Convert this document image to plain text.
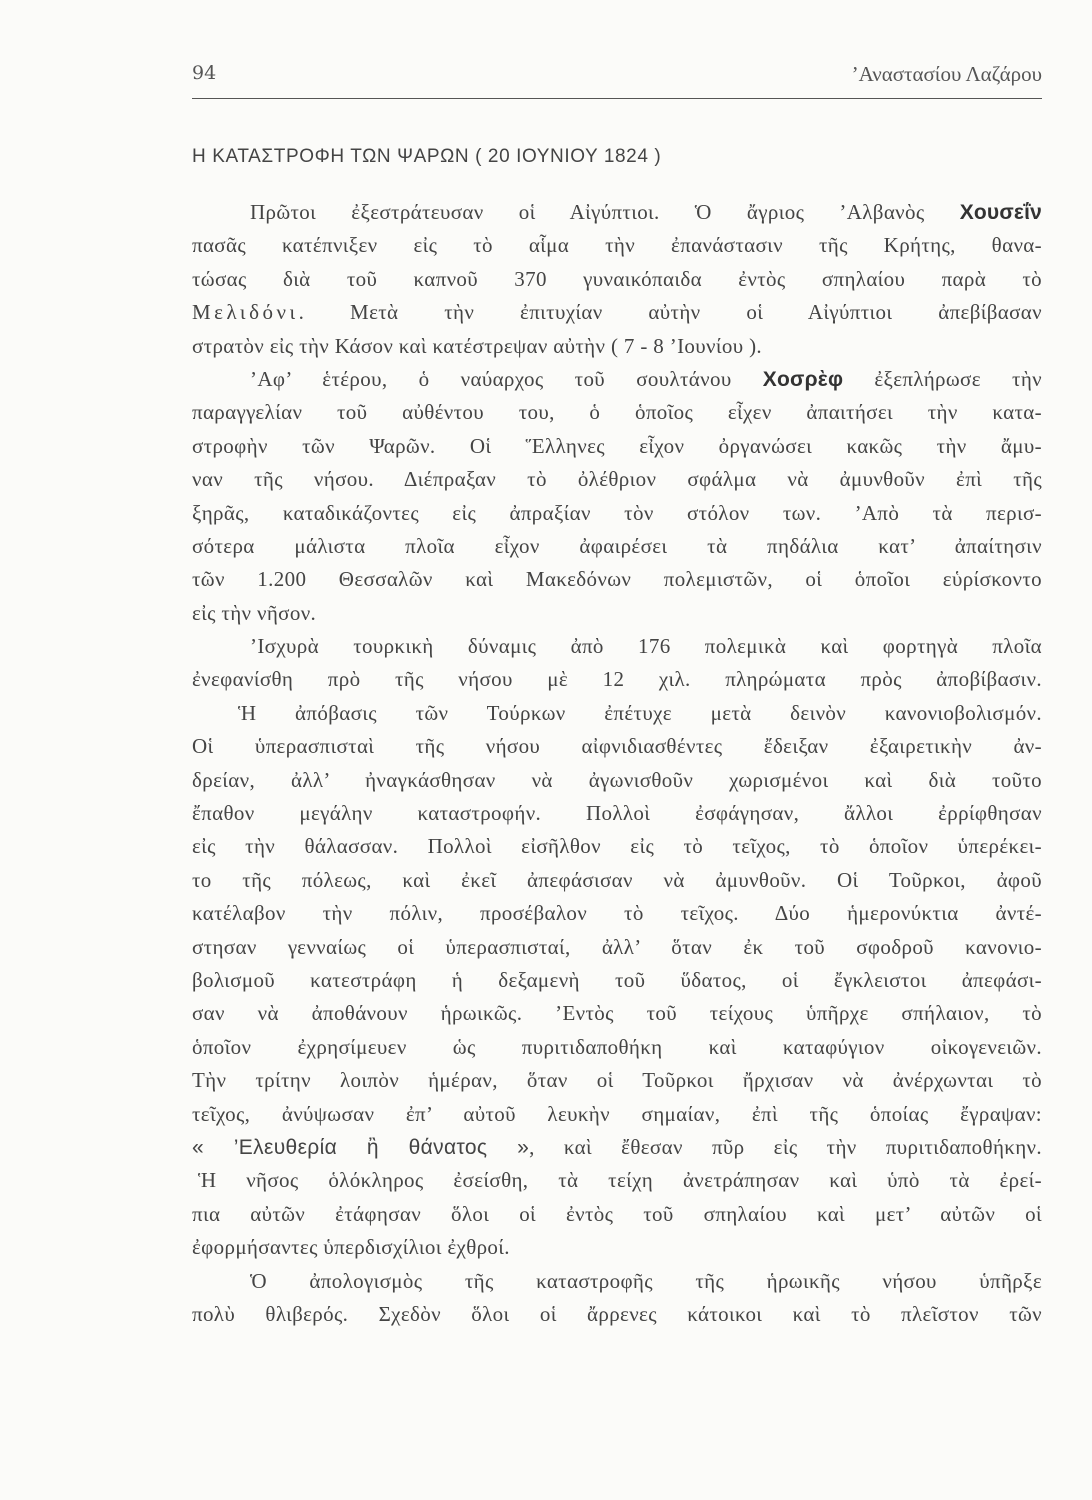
94	’Αναστασίου Λαζάρου
Η ΚΑΤΑΣΤΡΟΦΗ ΤΩΝ ΨΑΡΩΝ ( 20 ΙΟΥΝΙΟΥ 1824 )
Πρῶτοι ἐξεστράτευσαν οἱ Αἰγύπτιοι. Ὁ ἄγριος ’Αλβανὸς Χουσεΐν
πασᾶς κατέπνιξεν εἰς τὸ αἷμα τὴν ἐπανάστασιν τῆς Κρήτης, θανα-
τώσας διὰ τοῦ καπνοῦ 370 γυναικόπαιδα ἐντὸς σπηλαίου παρὰ τὸ
Μελιδόνι. Μετὰ τὴν ἐπιτυχίαν αὐτὴν οἱ Αἰγύπτιοι ἀπεβίβασαν
στρατὸν εἰς τὴν Κάσον καὶ κατέστρεψαν αὐτὴν ( 7 - 8 ’Ιουνίου ).
’Αφ’ ἑτέρου, ὁ ναύαρχος τοῦ σουλτάνου Χοσρὲφ ἐξεπλήρωσε τὴν
παραγγελίαν τοῦ αὐθέντου του, ὁ ὁποῖος εἶχεν ἀπαιτήσει τὴν κατα-
στροφὴν τῶν Ψαρῶν. Οἱ Ἕλληνες εἶχον ὀργανώσει κακῶς τὴν ἄμυ-
ναν τῆς νήσου. Διέπραξαν τὸ ὀλέθριον σφάλμα νὰ ἀμυνθοῦν ἐπὶ τῆς
ξηρᾶς, καταδικάζοντες εἰς ἀπραξίαν τὸν στόλον των. ’Απὸ τὰ περισ-
σότερα μάλιστα πλοῖα εἶχον ἀφαιρέσει τὰ πηδάλια κατ’ ἀπαίτησιν
τῶν 1.200 Θεσσαλῶν καὶ Μακεδόνων πολεμιστῶν, οἱ ὁποῖοι εὑρίσκοντο
εἰς τὴν νῆσον.
’Ισχυρὰ τουρκικὴ δύναμις ἀπὸ 176 πολεμικὰ καὶ φορτηγὰ πλοῖα
ἐνεφανίσθη πρὸ τῆς νήσου μὲ 12 χιλ. πληρώματα πρὸς ἀποβίβασιν.
Ἡ ἀπόβασις τῶν Τούρκων ἐπέτυχε μετὰ δεινὸν κανονιοβολισμόν.
Οἱ ὑπερασπισταὶ τῆς νήσου αἰφνιδιασθέντες ἔδειξαν ἐξαιρετικὴν ἀν-
δρείαν, ἀλλ’ ἠναγκάσθησαν νὰ ἀγωνισθοῦν χωρισμένοι καὶ διὰ τοῦτο
ἔπαθον μεγάλην καταστροφήν. Πολλοὶ ἐσφάγησαν, ἄλλοι ἐρρίφθησαν
εἰς τὴν θάλασσαν. Πολλοὶ εἰσῆλθον εἰς τὸ τεῖχος, τὸ ὁποῖον ὑπερέκει-
το τῆς πόλεως, καὶ ἐκεῖ ἀπεφάσισαν νὰ ἀμυνθοῦν. Οἱ Τοῦρκοι, ἀφοῦ
κατέλαβον τὴν πόλιν, προσέβαλον τὸ τεῖχος. Δύο ἡμερονύκτια ἀντέ-
στησαν γενναίως οἱ ὑπερασπισταί, ἀλλ’ ὅταν ἐκ τοῦ σφοδροῦ κανονιο-
βολισμοῦ κατεστράφη ἡ δεξαμενὴ τοῦ ὕδατος, οἱ ἔγκλειστοι ἀπεφάσι-
σαν νὰ ἀποθάνουν ἡρωικῶς. ’Εντὸς τοῦ τείχους ὑπῆρχε σπήλαιον, τὸ
ὁποῖον ἐχρησίμευεν ὡς πυριτιδαποθήκη καὶ καταφύγιον οἰκογενειῶν.
Τὴν τρίτην λοιπὸν ἡμέραν, ὅταν οἱ Τοῦρκοι ἤρχισαν νὰ ἀνέρχωνται τὸ
τεῖχος, ἀνύψωσαν ἐπ’ αὐτοῦ λευκὴν σημαίαν, ἐπὶ τῆς ὁποίας ἔγραψαν:
« ’Ελευθερία ἢ θάνατος », καὶ ἔθεσαν πῦρ εἰς τὴν πυριτιδαποθήκην.
Ἡ νῆσος ὁλόκληρος ἐσείσθη, τὰ τείχη ἀνετράπησαν καὶ ὑπὸ τὰ ἐρεί-
πια αὐτῶν ἐτάφησαν ὅλοι οἱ ἐντὸς τοῦ σπηλαίου καὶ μετ’ αὐτῶν οἱ
ἐφορμήσαντες ὑπερδισχίλιοι ἐχθροί.
Ὁ ἀπολογισμὸς τῆς καταστροφῆς τῆς ἡρωικῆς νήσου ὑπῆρξε
πολὺ θλιβερός. Σχεδὸν ὅλοι οἱ ἄρρενες κάτοικοι καὶ τὸ πλεῖστον τῶν
